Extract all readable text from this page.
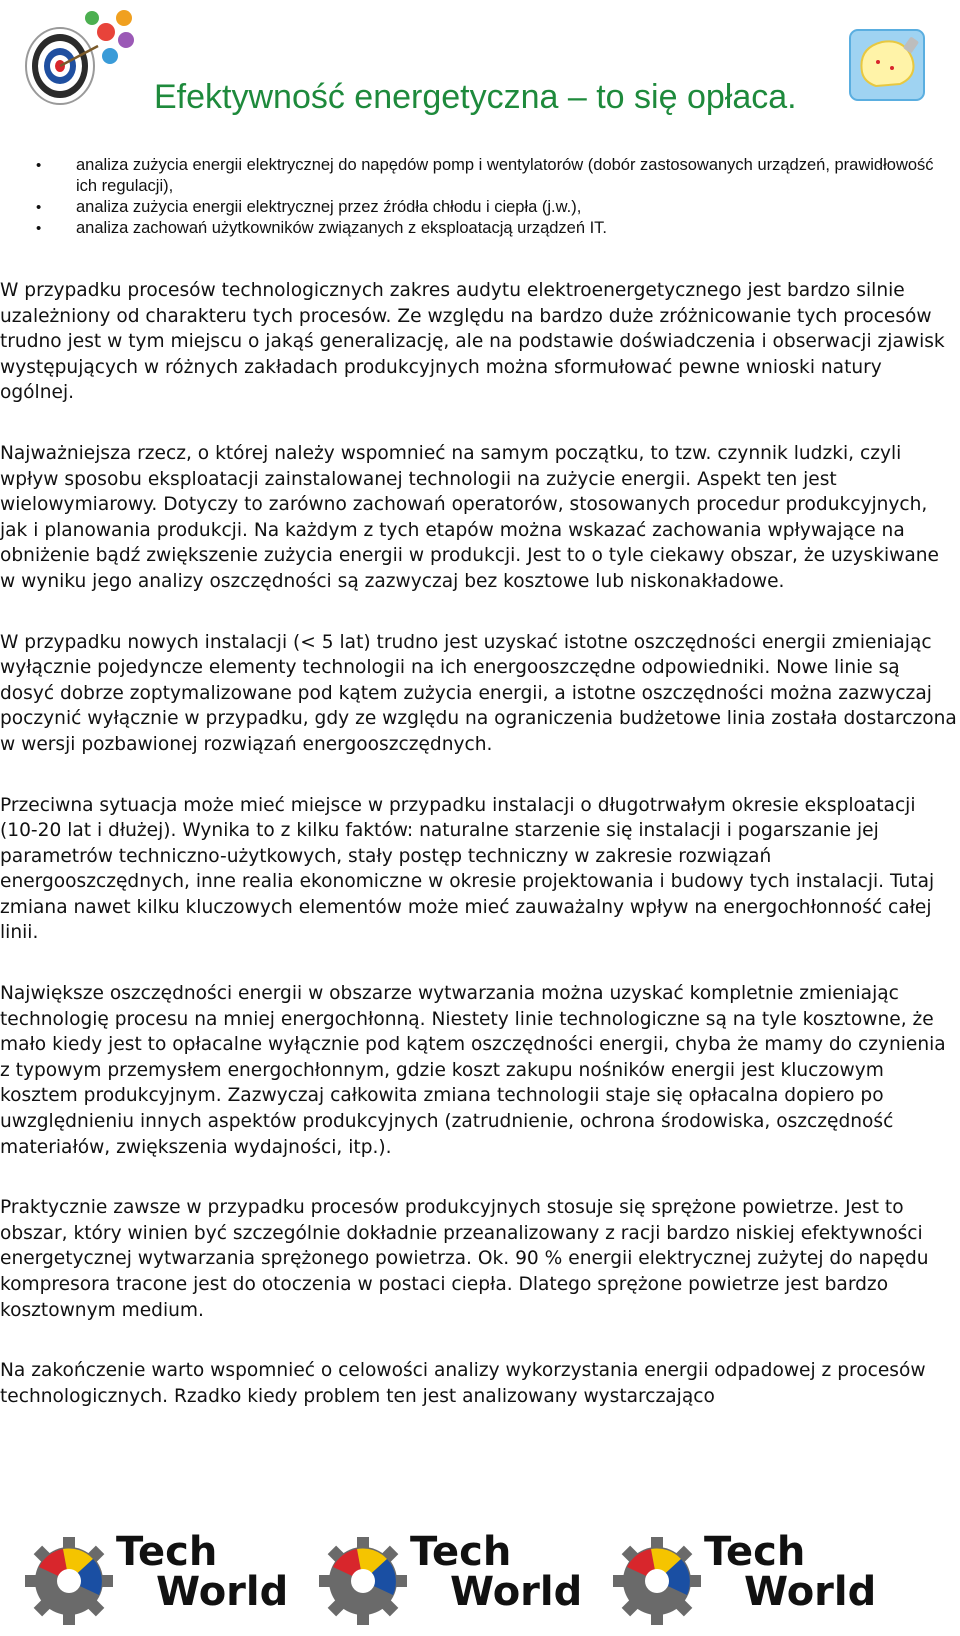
Efektywność energetyczna – to się opłaca.
• analiza zużycia energii elektrycznej do napędów pomp i wentylatorów (dobór zastosowanych urządzeń, prawidłowość ich regulacji),
• analiza zużycia energii elektrycznej przez źródła chłodu i ciepła (j.w.),
• analiza zachowań użytkowników związanych z eksploatacją urządzeń IT.

W przypadku procesów technologicznych zakres audytu elektroenergetycznego jest bardzo silnie uzależniony od charakteru tych procesów. Ze względu na bardzo duże zróżnicowanie tych procesów trudno jest w tym miejscu o jakąś generalizację, ale na podstawie doświadczenia i obserwacji zjawisk występujących w różnych zakładach produkcyjnych można sformułować pewne wnioski natury ogólnej.

Najważniejsza rzecz, o której należy wspomnieć na samym początku, to tzw. czynnik ludzki, czyli wpływ sposobu eksploatacji zainstalowanej technologii na zużycie energii. Aspekt ten jest wielowymiarowy. Dotyczy to zarówno zachowań operatorów, stosowanych procedur produkcyjnych, jak i planowania produkcji. Na każdym z tych etapów można wskazać zachowania wpływające na obniżenie bądź zwiększenie zużycia energii w produkcji. Jest to o tyle ciekawy obszar, że uzyskiwane w wyniku jego analizy oszczędności są zazwyczaj bez kosztowe lub niskonakładowe.

W przypadku nowych instalacji (< 5 lat) trudno jest uzyskać istotne oszczędności energii zmieniając wyłącznie pojedyncze elementy technologii na ich energooszczędne odpowiedniki. Nowe linie są dosyć dobrze zoptymalizowane pod kątem zużycia energii, a istotne oszczędności można zazwyczaj poczynić wyłącznie w przypadku, gdy ze względu na ograniczenia budżetowe linia została dostarczona w wersji pozbawionej rozwiązań energooszczędnych.

Przeciwna sytuacja może mieć miejsce w przypadku instalacji o długotrwałym okresie eksploatacji (10-20 lat i dłużej). Wynika to z kilku faktów: naturalne starzenie się instalacji i pogarszanie jej parametrów techniczno-użytkowych, stały postęp techniczny w zakresie rozwiązań energooszczędnych, inne realia ekonomiczne w okresie projektowania i budowy tych instalacji. Tutaj zmiana nawet kilku kluczowych elementów może mieć zauważalny wpływ na energochłonność całej linii.

Największe oszczędności energii w obszarze wytwarzania można uzyskać kompletnie zmieniając technologię procesu na mniej energochłonną. Niestety linie technologiczne są na tyle kosztowne, że mało kiedy jest to opłacalne wyłącznie pod kątem oszczędności energii, chyba że mamy do czynienia z typowym przemysłem energochłonnym, gdzie koszt zakupu nośników energii jest kluczowym kosztem produkcyjnym. Zazwyczaj całkowita zmiana technologii staje się opłacalna dopiero po uwzględnieniu innych aspektów produkcyjnych (zatrudnienie, ochrona środowiska, oszczędność materiałów, zwiększenia wydajności, itp.).

Praktycznie zawsze w przypadku procesów produkcyjnych stosuje się sprężone powietrze. Jest to obszar, który winien być szczególnie dokładnie przeanalizowany z racji bardzo niskiej efektywności energetycznej wytwarzania sprężonego powietrza. Ok. 90 % energii elektrycznej zużytej do napędu kompresora tracone jest do otoczenia w postaci ciepła. Dlatego sprężone powietrze jest bardzo kosztownym medium.

Na zakończenie warto wspomnieć o celowości analizy wykorzystania energii odpadowej z procesów technologicznych. Rzadko kiedy problem ten jest analizowany wystarczająco

Tech
World
Tech
World
Tech
World
